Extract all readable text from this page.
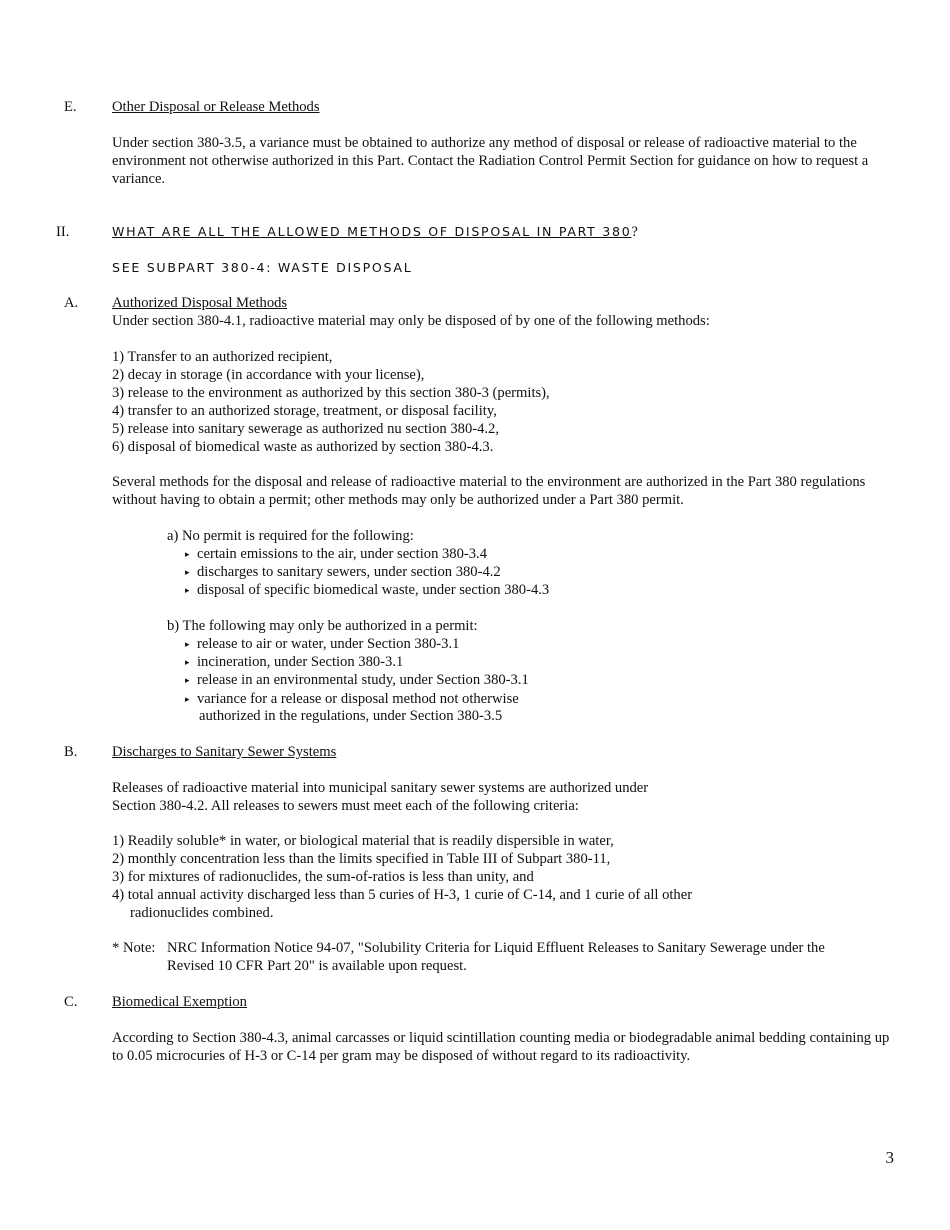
E. Other Disposal or Release Methods
Under section 380-3.5, a variance must be obtained to authorize any method of disposal or release of radioactive material to the environment not otherwise authorized in this Part. Contact the Radiation Control Permit Section for guidance on how to request a variance.
II.	WHAT ARE ALL THE ALLOWED METHODS OF DISPOSAL IN PART 380?
SEE SUBPART 380-4: WASTE DISPOSAL
A. Authorized Disposal Methods
Under section 380-4.1, radioactive material may only be disposed of by one of the following methods:
1) Transfer to an authorized recipient,
2) decay in storage (in accordance with your license),
3) release to the environment as authorized by this section 380-3 (permits),
4) transfer to an authorized storage, treatment, or disposal facility,
5) release into sanitary sewerage as authorized nu section 380-4.2,
6) disposal of biomedical waste as authorized by section 380-4.3.
Several methods for the disposal and release of radioactive material to the environment are authorized in the Part 380 regulations without having to obtain a permit; other methods may only be authorized under a Part 380 permit.
a) No permit is required for the following:
▸ certain emissions to the air, under section 380-3.4
▸ discharges to sanitary sewers, under section 380-4.2
▸ disposal of specific biomedical waste, under section 380-4.3
b) The following may only be authorized in a permit:
▸ release to air or water, under Section 380-3.1
▸ incineration, under Section 380-3.1
▸ release in an environmental study, under Section 380-3.1
▸ variance for a release or disposal method not otherwise
authorized in the regulations, under Section 380-3.5
B. Discharges to Sanitary Sewer Systems
Releases of radioactive material into municipal sanitary sewer systems are authorized under
Section 380-4.2. All releases to sewers must meet each of the following criteria:
1) Readily soluble* in water, or biological material that is readily dispersible in water,
2) monthly concentration less than the limits specified in Table III of Subpart 380-11,
3) for mixtures of radionuclides, the sum-of-ratios is less than unity, and
4) total annual activity discharged less than 5 curies of H-3, 1 curie of C-14, and 1 curie of all other
radionuclides combined.
* Note: NRC Information Notice 94-07, "Solubility Criteria for Liquid Effluent Releases to Sanitary Sewerage under the
Revised 10 CFR Part 20" is available upon request.
C. Biomedical Exemption
According to Section 380-4.3, animal carcasses or liquid scintillation counting media or biodegradable animal bedding containing up to 0.05 microcuries of H-3 or C-14 per gram may be disposed of without regard to its radioactivity.
3
